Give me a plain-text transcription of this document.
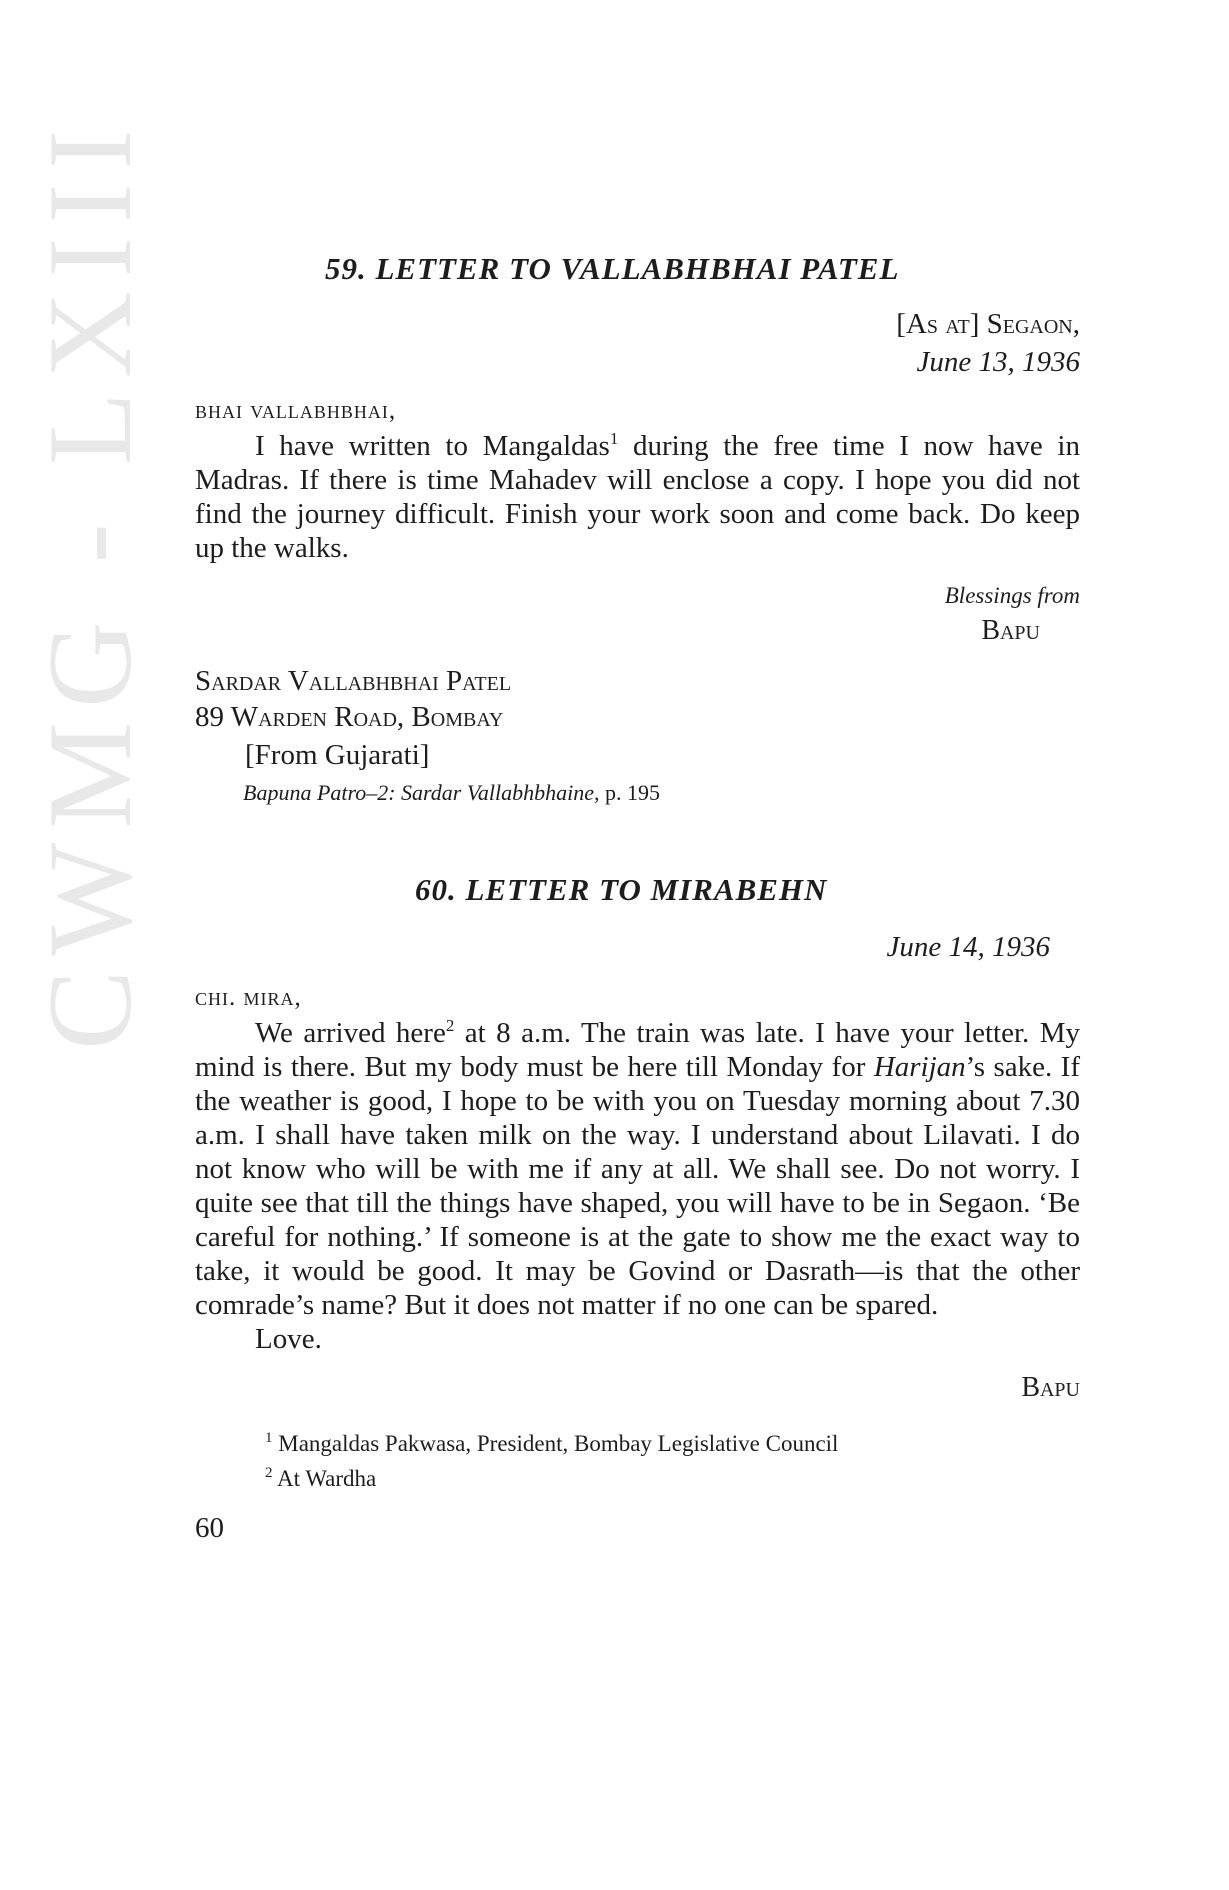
CWMG - LXIII	59. LETTER TO VALLABHBHAI PATEL
[As at] Segaon,
June 13, 1936
bhai vallabhbhai,

I have written to Mangaldas$^1$ during the free time I now have in Madras. If there is time Mahadev will enclose a copy. I hope you did not find the journey difficult. Finish your work soon and come back. Do keep up the walks.

Blessings from
Bapu
Sardar Vallabhbhai Patel
89 Warden Road, Bombay
[From Gujarati]
Bapuna Patro–2: Sardar Vallabhbhaine, p. 195
60. LETTER TO MIRABEHN
June 14, 1936
chi. mira,

We arrived here$^2$ at 8 a.m. The train was late. I have your letter. My mind is there. But my body must be here till Monday for Harijan’s sake. If the weather is good, I hope to be with you on Tuesday morning about 7.30 a.m. I shall have taken milk on the way. I understand about Lilavati. I do not know who will be with me if any at all. We shall see. Do not worry. I quite see that till the things have shaped, you will have to be in Segaon. ‘Be careful for nothing.’ If someone is at the gate to show me the exact way to take, it would be good. It may be Govind or Dasrath—is that the other comrade’s name? But it does not matter if no one can be spared.

Love.

Bapu
$^1$ Mangaldas Pakwasa, President, Bombay Legislative Council
$^2$ At Wardha
60
